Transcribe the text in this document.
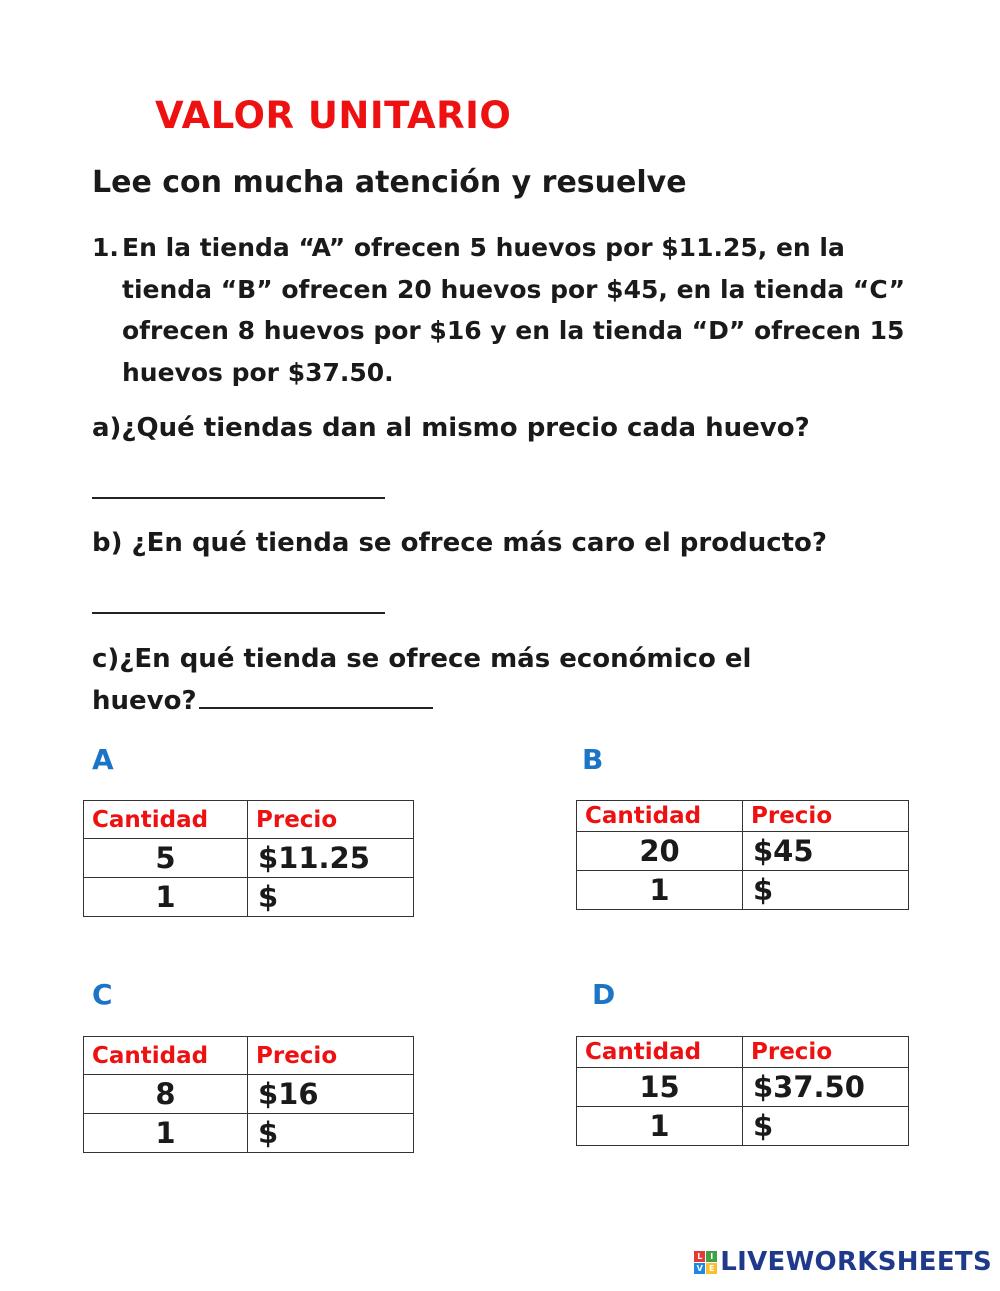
VALOR UNITARIO
Lee con mucha atención y resuelve
1. En la tienda “A” ofrecen 5 huevos por $11.25, en la tienda “B” ofrecen 20 huevos por $45, en la tienda “C” ofrecen 8 huevos por $16 y en la tienda “D” ofrecen 15 huevos por $37.50.
a)¿Qué tiendas dan al mismo precio cada huevo?
b) ¿En qué tienda se ofrece más caro el producto?
c)¿En qué tienda se ofrece más económico el huevo?
A
Cantidad	Precio	
5	$11.25	
1	$	
B
Cantidad	Precio
20	$45
1	$
C
Cantidad	Precio	
8	$16	
1	$	
D
Cantidad	Precio
15	$37.50
1	$
L I
V E LIVEWORKSHEETS
